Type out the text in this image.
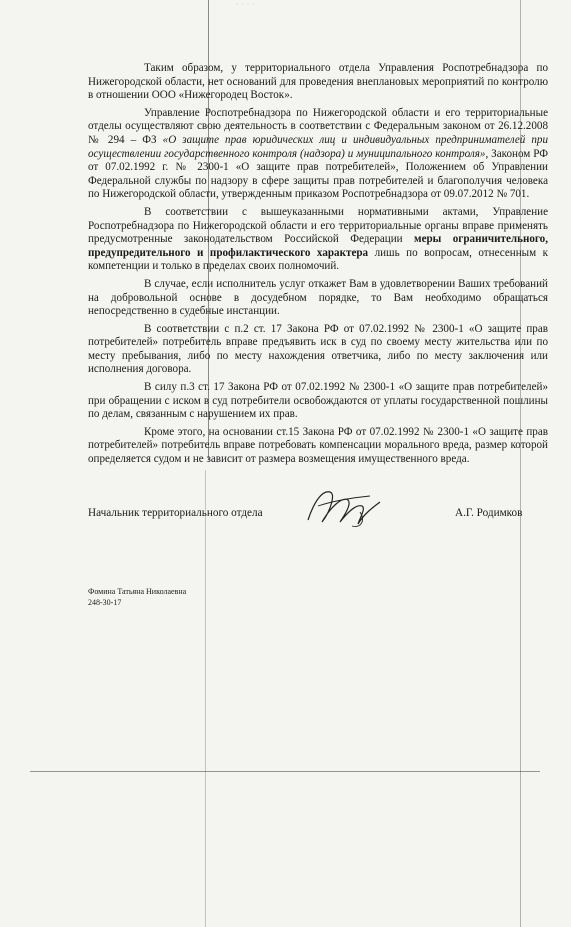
· · · ·

Таким образом, у территориального отдела Управления Роспотребнадзора по Нижегородской области, нет оснований для проведения внеплановых мероприятий по контролю в отношении ООО «Нижегородец Восток».

Управление Роспотребнадзора по Нижегородской области и его территориальные отделы осуществляют свою деятельность в соответствии с Федеральным законом от 26.12.2008 № 294 – ФЗ «О защите прав юридических лиц и индивидуальных предпринимателей при осуществлении государственного контроля (надзора) и муниципального контроля», Законом РФ от 07.02.1992 г. № 2300-1 «О защите прав потребителей», Положением об Управлении Федеральной службы по надзору в сфере защиты прав потребителей и благополучия человека по Нижегородской области, утвержденным приказом Роспотребнадзора от 09.07.2012 № 701.

В соответствии с вышеуказанными нормативными актами, Управление Роспотребнадзора по Нижегородской области и его территориальные органы вправе применять предусмотренные законодательством Российской Федерации меры ограничительного, предупредительного и профилактического характера лишь по вопросам, отнесенным к компетенции и только в пределах своих полномочий.

В случае, если исполнитель услуг откажет Вам в удовлетворении Ваших требований на добровольной основе в досудебном порядке, то Вам необходимо обращаться непосредственно в судебные инстанции.

В соответствии с п.2 ст. 17 Закона РФ от 07.02.1992 № 2300-1 «О защите прав потребителей» потребитель вправе предъявить иск в суд по своему месту жительства или по месту пребывания, либо по месту нахождения ответчика, либо по месту заключения или исполнения договора.

В силу п.3 ст. 17 Закона РФ от 07.02.1992 № 2300-1 «О защите прав потребителей» при обращении с иском в суд потребители освобождаются от уплаты государственной пошлины по делам, связанным с нарушением их прав.

Кроме этого, на основании ст.15 Закона РФ от 07.02.1992 № 2300-1 «О защите прав потребителей» потребитель вправе потребовать компенсации морального вреда, размер которой определяется судом и не зависит от размера возмещения имущественного вреда.

Начальник территориального отдела	А.Г. Родимков
Фомина Татьяна Николаевна
248-30-17
